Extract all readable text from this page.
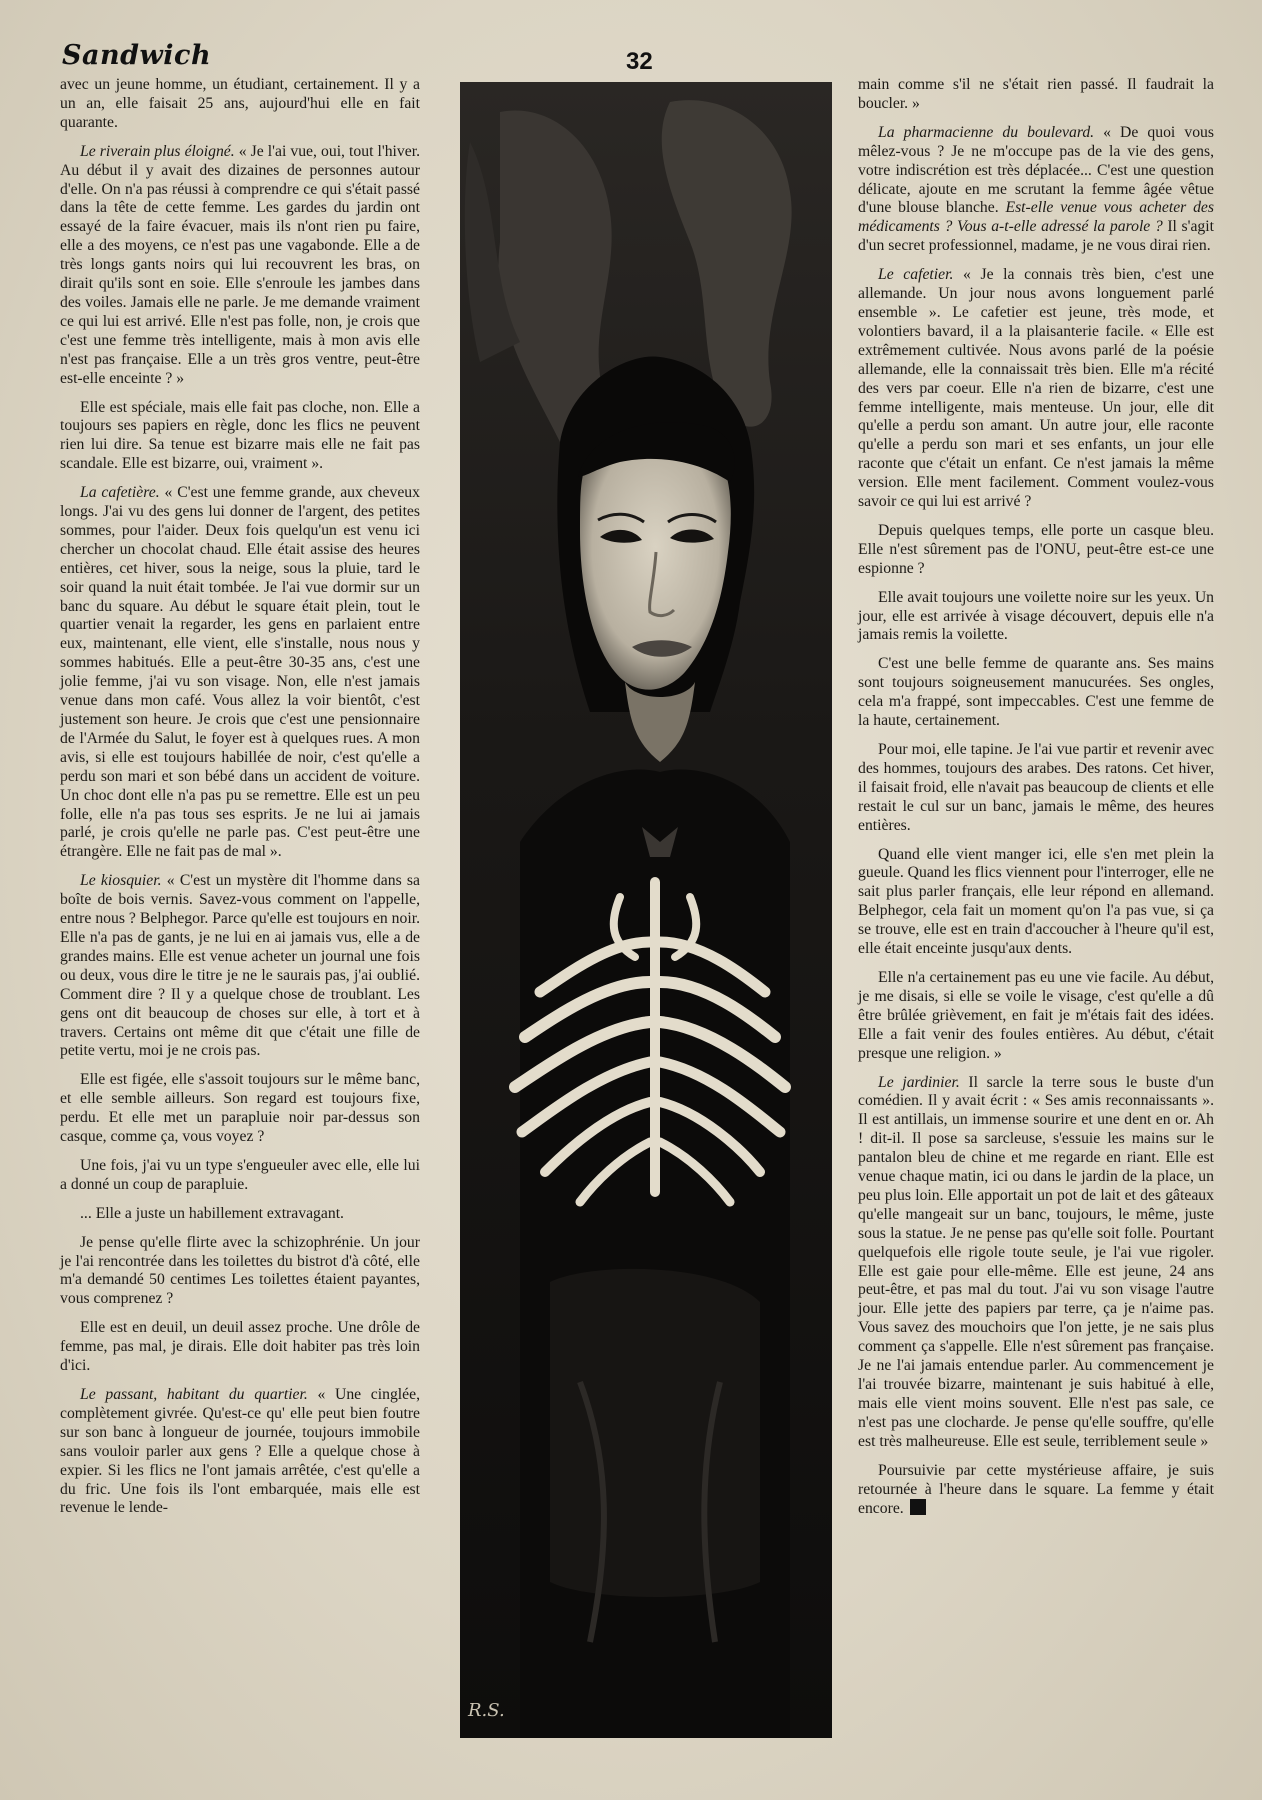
Sandwich	32

avec un jeune homme, un étudiant, certainement. Il y a un an, elle faisait 25 ans, aujourd'hui elle en fait quarante.

Le riverain plus éloigné. « Je l'ai vue, oui, tout l'hiver. Au début il y avait des dizaines de personnes autour d'elle. On n'a pas réussi à comprendre ce qui s'était passé dans la tête de cette femme. Les gardes du jardin ont essayé de la faire évacuer, mais ils n'ont rien pu faire, elle a des moyens, ce n'est pas une vagabonde. Elle a de très longs gants noirs qui lui recouvrent les bras, on dirait qu'ils sont en soie. Elle s'enroule les jambes dans des voiles. Jamais elle ne parle. Je me demande vraiment ce qui lui est arrivé. Elle n'est pas folle, non, je crois que c'est une femme très intelligente, mais à mon avis elle n'est pas française. Elle a un très gros ventre, peut-être est-elle enceinte ? »

Elle est spéciale, mais elle fait pas cloche, non. Elle a toujours ses papiers en règle, donc les flics ne peuvent rien lui dire. Sa tenue est bizarre mais elle ne fait pas scandale. Elle est bizarre, oui, vraiment ».

La cafetière. « C'est une femme grande, aux cheveux longs. J'ai vu des gens lui donner de l'argent, des petites sommes, pour l'aider. Deux fois quelqu'un est venu ici chercher un chocolat chaud. Elle était assise des heures entières, cet hiver, sous la neige, sous la pluie, tard le soir quand la nuit était tombée. Je l'ai vue dormir sur un banc du square. Au début le square était plein, tout le quartier venait la regarder, les gens en parlaient entre eux, maintenant, elle vient, elle s'installe, nous nous y sommes habitués. Elle a peut-être 30-35 ans, c'est une jolie femme, j'ai vu son visage. Non, elle n'est jamais venue dans mon café. Vous allez la voir bientôt, c'est justement son heure. Je crois que c'est une pensionnaire de l'Armée du Salut, le foyer est à quelques rues. A mon avis, si elle est toujours habillée de noir, c'est qu'elle a perdu son mari et son bébé dans un accident de voiture. Un choc dont elle n'a pas pu se remettre. Elle est un peu folle, elle n'a pas tous ses esprits. Je ne lui ai jamais parlé, je crois qu'elle ne parle pas. C'est peut-être une étrangère. Elle ne fait pas de mal ».

Le kiosquier. « C'est un mystère dit l'homme dans sa boîte de bois vernis. Savez-vous comment on l'appelle, entre nous ? Belphegor. Parce qu'elle est toujours en noir. Elle n'a pas de gants, je ne lui en ai jamais vus, elle a de grandes mains. Elle est venue acheter un journal une fois ou deux, vous dire le titre je ne le saurais pas, j'ai oublié. Comment dire ? Il y a quelque chose de troublant. Les gens ont dit beaucoup de choses sur elle, à tort et à travers. Certains ont même dit que c'était une fille de petite vertu, moi je ne crois pas.

Elle est figée, elle s'assoit toujours sur le même banc, et elle semble ailleurs. Son regard est toujours fixe, perdu. Et elle met un parapluie noir par-dessus son casque, comme ça, vous voyez ?

Une fois, j'ai vu un type s'engueuler avec elle, elle lui a donné un coup de parapluie.

... Elle a juste un habillement extravagant.

Je pense qu'elle flirte avec la schizophrénie. Un jour je l'ai rencontrée dans les toilettes du bistrot d'à côté, elle m'a demandé 50 centimes Les toilettes étaient payantes, vous comprenez ?

Elle est en deuil, un deuil assez proche. Une drôle de femme, pas mal, je dirais. Elle doit habiter pas très loin d'ici.

Le passant, habitant du quartier. « Une cinglée, complètement givrée. Qu'est-ce qu' elle peut bien foutre sur son banc à longueur de journée, toujours immobile sans vouloir parler aux gens ? Elle a quelque chose à expier. Si les flics ne l'ont jamais arrêtée, c'est qu'elle a du fric. Une fois ils l'ont embarquée, mais elle est revenue le lende-

R.S.

main comme s'il ne s'était rien passé. Il faudrait la boucler. »

La pharmacienne du boulevard. « De quoi vous mêlez-vous ? Je ne m'occupe pas de la vie des gens, votre indiscrétion est très déplacée... C'est une question délicate, ajoute en me scrutant la femme âgée vêtue d'une blouse blanche. Est-elle venue vous acheter des médicaments ? Vous a-t-elle adressé la parole ? Il s'agit d'un secret professionnel, madame, je ne vous dirai rien.

Le cafetier. « Je la connais très bien, c'est une allemande. Un jour nous avons longuement parlé ensemble ». Le cafetier est jeune, très mode, et volontiers bavard, il a la plaisanterie facile. « Elle est extrêmement cultivée. Nous avons parlé de la poésie allemande, elle la connaissait très bien. Elle m'a récité des vers par coeur. Elle n'a rien de bizarre, c'est une femme intelligente, mais menteuse. Un jour, elle dit qu'elle a perdu son amant. Un autre jour, elle raconte qu'elle a perdu son mari et ses enfants, un jour elle raconte que c'était un enfant. Ce n'est jamais la même version. Elle ment facilement. Comment voulez-vous savoir ce qui lui est arrivé ?

Depuis quelques temps, elle porte un casque bleu. Elle n'est sûrement pas de l'ONU, peut-être est-ce une espionne ?

Elle avait toujours une voilette noire sur les yeux. Un jour, elle est arrivée à visage découvert, depuis elle n'a jamais remis la voilette.

C'est une belle femme de quarante ans. Ses mains sont toujours soigneusement manucurées. Ses ongles, cela m'a frappé, sont impeccables. C'est une femme de la haute, certainement.

Pour moi, elle tapine. Je l'ai vue partir et revenir avec des hommes, toujours des arabes. Des ratons. Cet hiver, il faisait froid, elle n'avait pas beaucoup de clients et elle restait le cul sur un banc, jamais le même, des heures entières.

Quand elle vient manger ici, elle s'en met plein la gueule. Quand les flics viennent pour l'interroger, elle ne sait plus parler français, elle leur répond en allemand. Belphegor, cela fait un moment qu'on l'a pas vue, si ça se trouve, elle est en train d'accoucher à l'heure qu'il est, elle était enceinte jusqu'aux dents.

Elle n'a certainement pas eu une vie facile. Au début, je me disais, si elle se voile le visage, c'est qu'elle a dû être brûlée grièvement, en fait je m'étais fait des idées. Elle a fait venir des foules entières. Au début, c'était presque une religion. »

Le jardinier. Il sarcle la terre sous le buste d'un comédien. Il y avait écrit : « Ses amis reconnaissants ». Il est antillais, un immense sourire et une dent en or. Ah ! dit-il. Il pose sa sarcleuse, s'essuie les mains sur le pantalon bleu de chine et me regarde en riant. Elle est venue chaque matin, ici ou dans le jardin de la place, un peu plus loin. Elle apportait un pot de lait et des gâteaux qu'elle mangeait sur un banc, toujours, le même, juste sous la statue. Je ne pense pas qu'elle soit folle. Pourtant quelquefois elle rigole toute seule, je l'ai vue rigoler. Elle est gaie pour elle-même. Elle est jeune, 24 ans peut-être, et pas mal du tout. J'ai vu son visage l'autre jour. Elle jette des papiers par terre, ça je n'aime pas. Vous savez des mouchoirs que l'on jette, je ne sais plus comment ça s'appelle. Elle n'est sûrement pas française. Je ne l'ai jamais entendue parler. Au commencement je l'ai trouvée bizarre, maintenant je suis habitué à elle, mais elle vient moins souvent. Elle n'est pas sale, ce n'est pas une clocharde. Je pense qu'elle souffre, qu'elle est très malheureuse. Elle est seule, terriblement seule »

Poursuivie par cette mystérieuse affaire, je suis retournée à l'heure dans le square. La femme y était encore.
